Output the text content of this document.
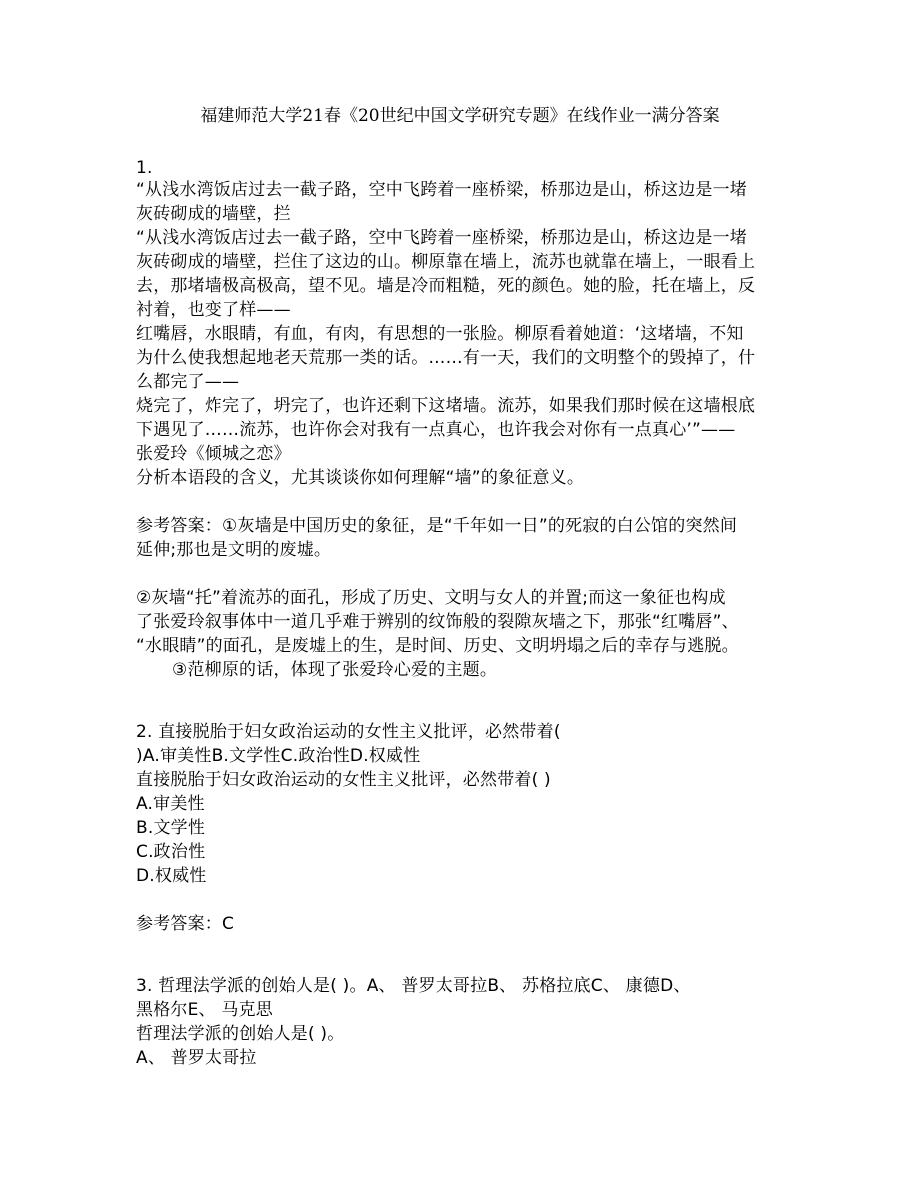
福建师范大学21春《20世纪中国文学研究专题》在线作业一满分答案
1.
“从浅水湾饭店过去一截子路，空中飞跨着一座桥梁，桥那边是山，桥这边是一堵
灰砖砌成的墙壁，拦
“从浅水湾饭店过去一截子路，空中飞跨着一座桥梁，桥那边是山，桥这边是一堵
灰砖砌成的墙壁，拦住了这边的山。柳原靠在墙上，流苏也就靠在墙上，一眼看上
去，那堵墙极高极高，望不见。墙是冷而粗糙，死的颜色。她的脸，托在墙上，反
衬着，也变了样——
红嘴唇，水眼睛，有血，有肉，有思想的一张脸。柳原看着她道：‘这堵墙，不知
为什么使我想起地老天荒那一类的话。……有一天，我们的文明整个的毁掉了，什
么都完了——
烧完了，炸完了，坍完了，也许还剩下这堵墙。流苏，如果我们那时候在这墙根底
下遇见了……流苏，也许你会对我有一点真心，也许我会对你有一点真心’”——
张爱玲《倾城之恋》
分析本语段的含义，尤其谈谈你如何理解“墙”的象征意义。
参考答案：①灰墙是中国历史的象征，是“千年如一日”的死寂的白公馆的突然间
延伸;那也是文明的废墟。
②灰墙“托”着流苏的面孔，形成了历史、文明与女人的并置;而这一象征也构成
了张爱玲叙事体中一道几乎难于辨别的纹饰般的裂隙灰墙之下，那张“红嘴唇”、
“水眼睛”的面孔，是废墟上的生，是时间、历史、文明坍塌之后的幸存与逃脱。
③范柳原的话，体现了张爱玲心爱的主题。
2. 直接脱胎于妇女政治运动的女性主义批评，必然带着(
)A.审美性B.文学性C.政治性D.权威性
直接脱胎于妇女政治运动的女性主义批评，必然带着( )
A.审美性
B.文学性
C.政治性
D.权威性
参考答案：C
3. 哲理法学派的创始人是( )。A、 普罗太哥拉B、 苏格拉底C、 康德D、
黑格尔E、 马克思
哲理法学派的创始人是( )。
A、 普罗太哥拉
